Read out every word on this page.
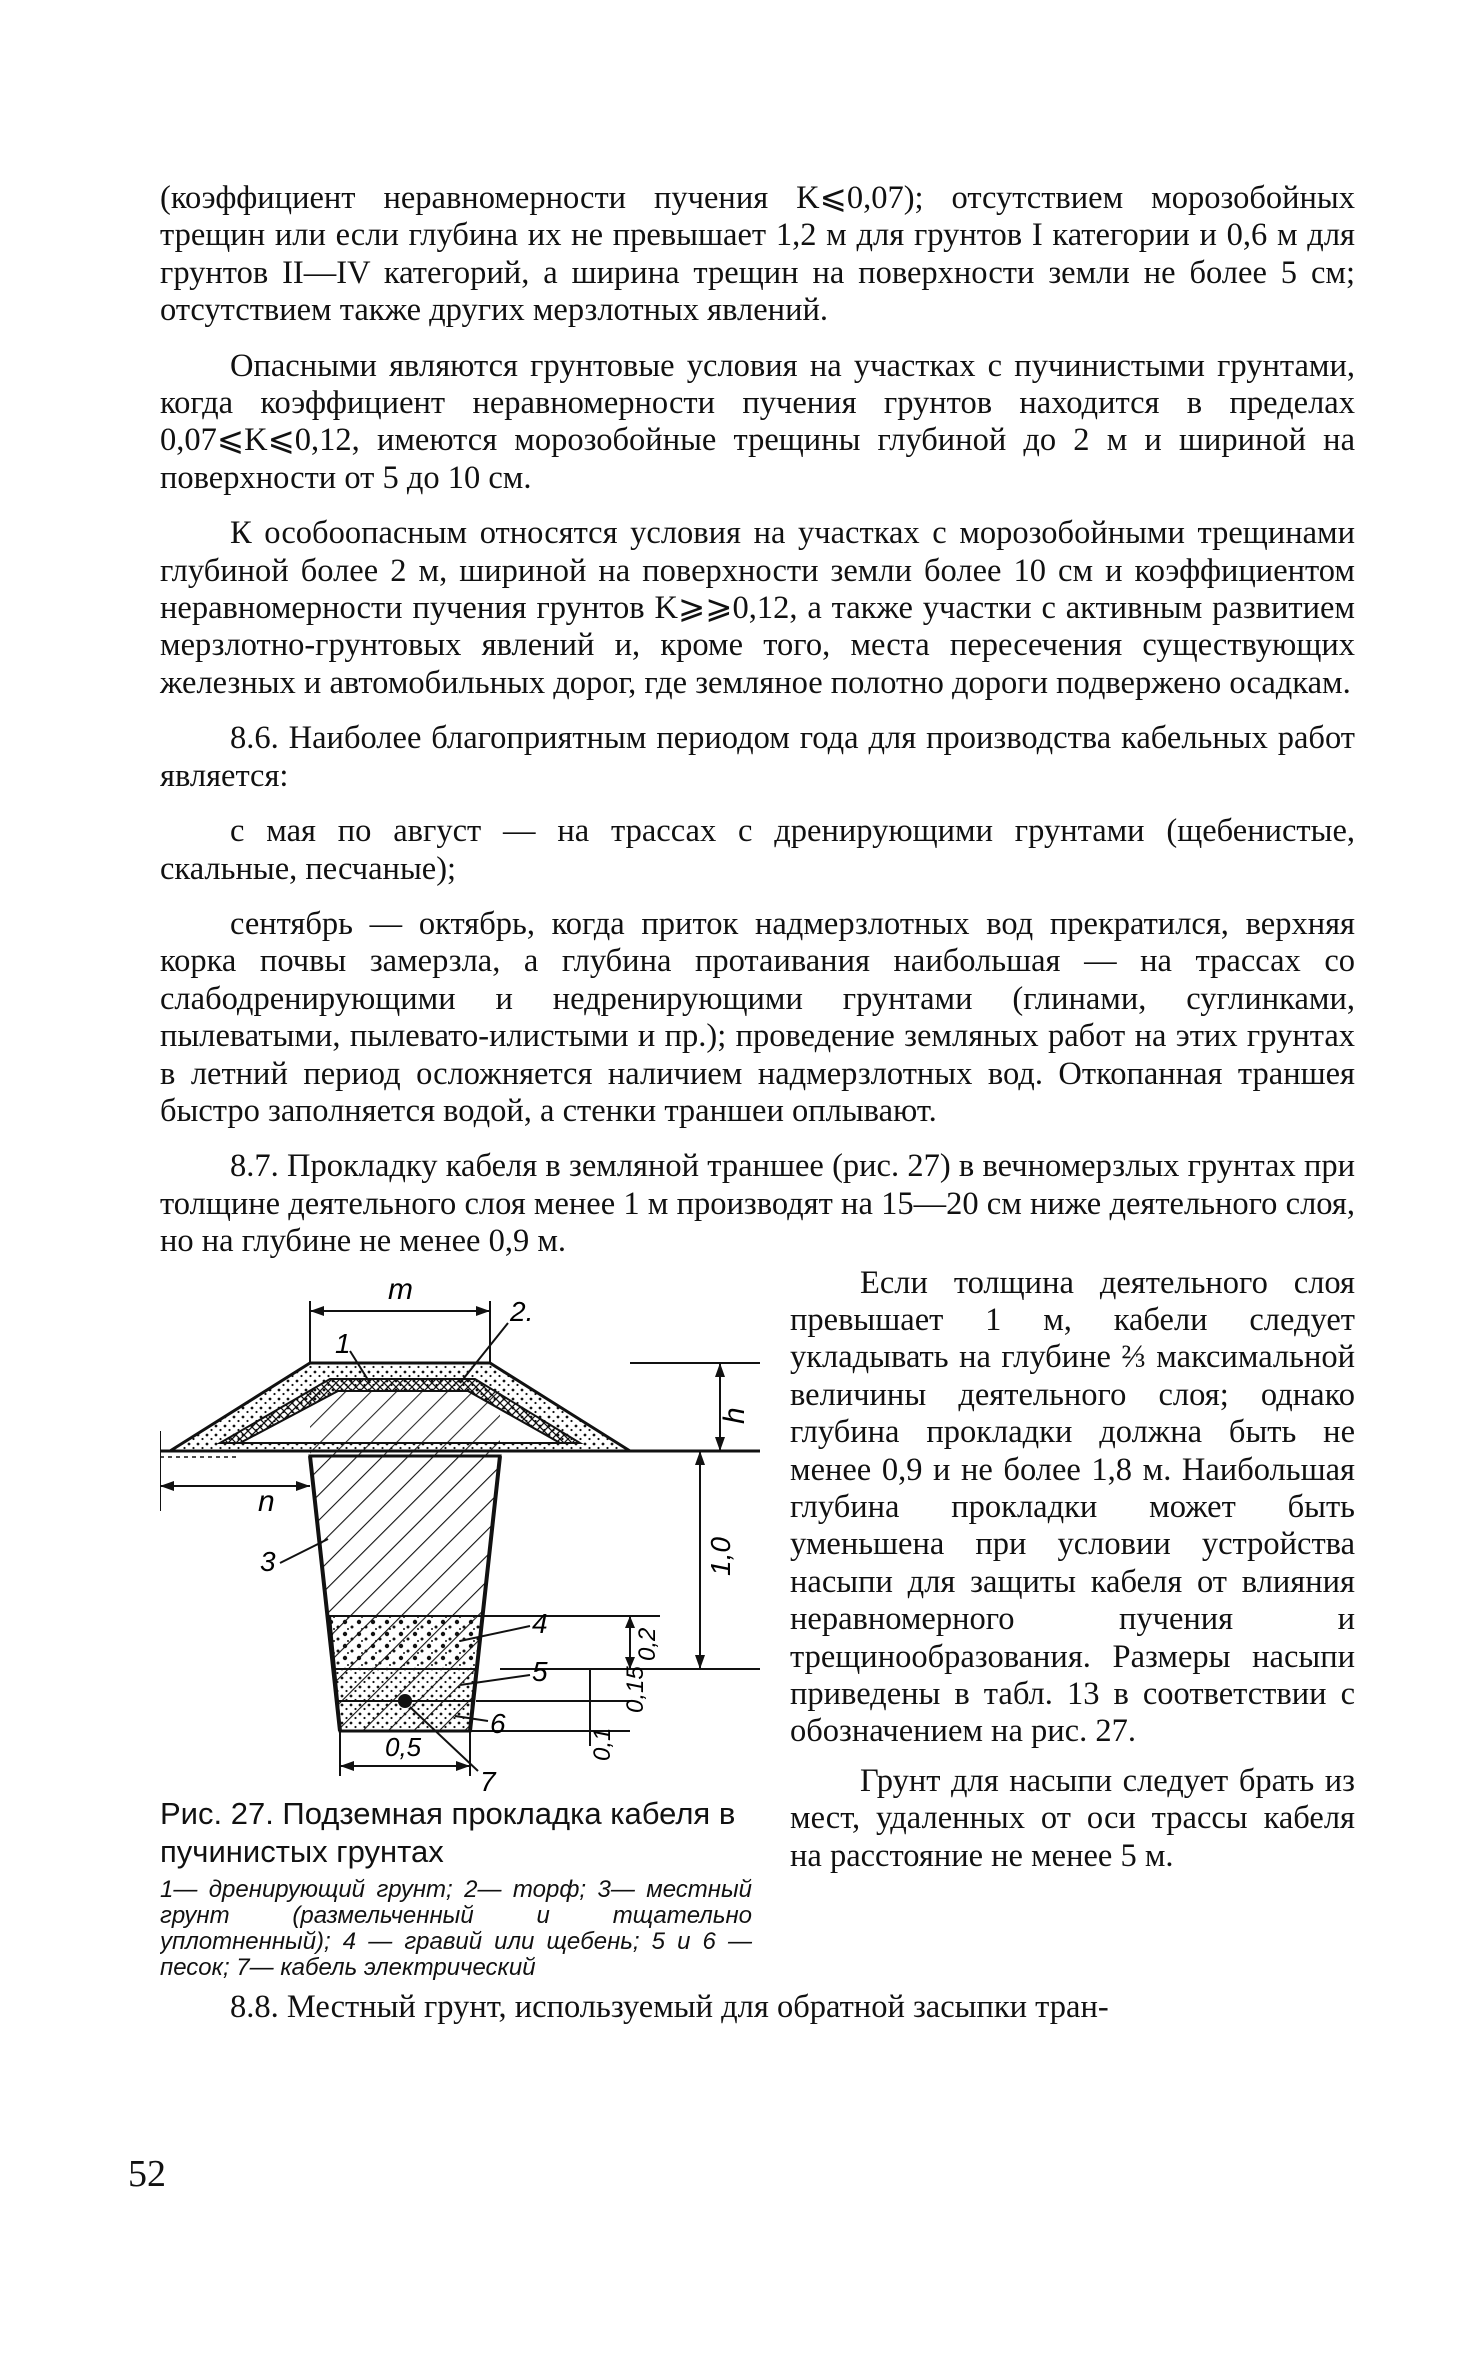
(коэффициент неравномерности пучения K⩽0,07); отсутствием морозобойных трещин или если глубина их не превышает 1,2 м для грунтов I категории и 0,6 м для грунтов II—IV категорий, а ширина трещин на поверхности земли не более 5 см; отсутствием также других мерзлотных явлений.

Опасными являются грунтовые условия на участках с пучинистыми грунтами, когда коэффициент неравномерности пучения грунтов находится в пределах 0,07⩽K⩽0,12, имеются морозобойные трещины глубиной до 2 м и шириной на поверхности от 5 до 10 см.

К особоопасным относятся условия на участках с морозобойными трещинами глубиной более 2 м, шириной на поверхности земли более 10 см и коэффициентом неравномерности пучения грунтов K⩾⩾0,12, а также участки с активным развитием мерзлотно-грунтовых явлений и, кроме того, места пересечения существующих железных и автомобильных дорог, где земляное полотно дороги подвержено осадкам.

8.6. Наиболее благоприятным периодом года для производства кабельных работ является:

с мая по август — на трассах с дренирующими грунтами (щебенистые, скальные, песчаные);

сентябрь — октябрь, когда приток надмерзлотных вод прекратился, верхняя корка почвы замерзла, а глубина протаивания наибольшая — на трассах со слабодренирующими и недренирующими грунтами (глинами, суглинками, пылеватыми, пылевато-илистыми и пр.); проведение земляных работ на этих грунтах в летний период осложняется наличием надмерзлотных вод. Откопанная траншея быстро заполняется водой, а стенки траншеи оплывают.

8.7. Прокладку кабеля в земляной траншее (рис. 27) в вечномерзлых грунтах при толщине деятельного слоя менее 1 м производят на 15—20 см ниже деятельного слоя, но на глубине не менее 0,9 м.

m
1
2.
n
h
1,0
0,2
0,15
0,1
3
4
5
6
7
0,5
Рис. 27. Подземная прокладка кабеля в пучинистых грунтах
1— дренирующий грунт; 2— торф; 3— местный грунт (размельченный и тщательно уплотненный); 4 — гравий или щебень; 5 и 6 — песок; 7— кабель электрический

Если толщина деятельного слоя превышает 1 м, кабели следует укладывать на глубине ⅔ максимальной величины деятельного слоя; однако глубина прокладки должна быть не менее 0,9 и не более 1,8 м. Наибольшая глубина прокладки может быть уменьшена при условии устройства насыпи для защиты кабеля от влияния неравномерного пучения и трещинообразования. Размеры насыпи приведены в табл. 13 в соответствии с обозначением на рис. 27.

Грунт для насыпи следует брать из мест, удаленных от оси трассы кабеля на расстояние не менее 5 м.

8.8. Местный грунт, используемый для обратной засыпки тран-

52
